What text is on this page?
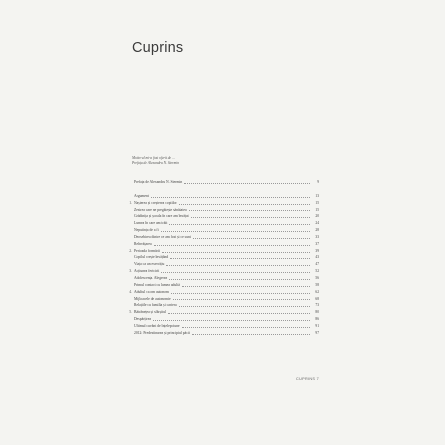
Cuprins
Motto-ul mi-a fost oferit de ...
Prefața de Alexandru N. Stermin
Prefața de Alexandru N. Stermin	9
Argument	13
1. Nașterea și creșterea copiilor	15
Zestrea care ne pregătește sănătatea	15
Grădinița și școala în care am învățat	20
Lumea în care am trăit	24
Neputința de a fi	28
Deosebirea dintre ce am fost și ce sunt	33
Reînvățarea	37
2. Perioada formării	39
Copilul crește învățând	43
Viața ca un exercițiu	47
3. Acțiunea fericirii	52
Adolescența. Alegerea	56
Primul contact cu lumea adultă	58
4. Adultul ca om autonom	62
Mijloacele de autonomie	68
Relațiile cu familia și cariera	73
5. Bătrânețea și sfârșitul	80
Despărțirea	86
Ultimul cuvânt de înțelepciune	91
2012: Predestinarea și principiul păcii	97
CUPRINS 7
